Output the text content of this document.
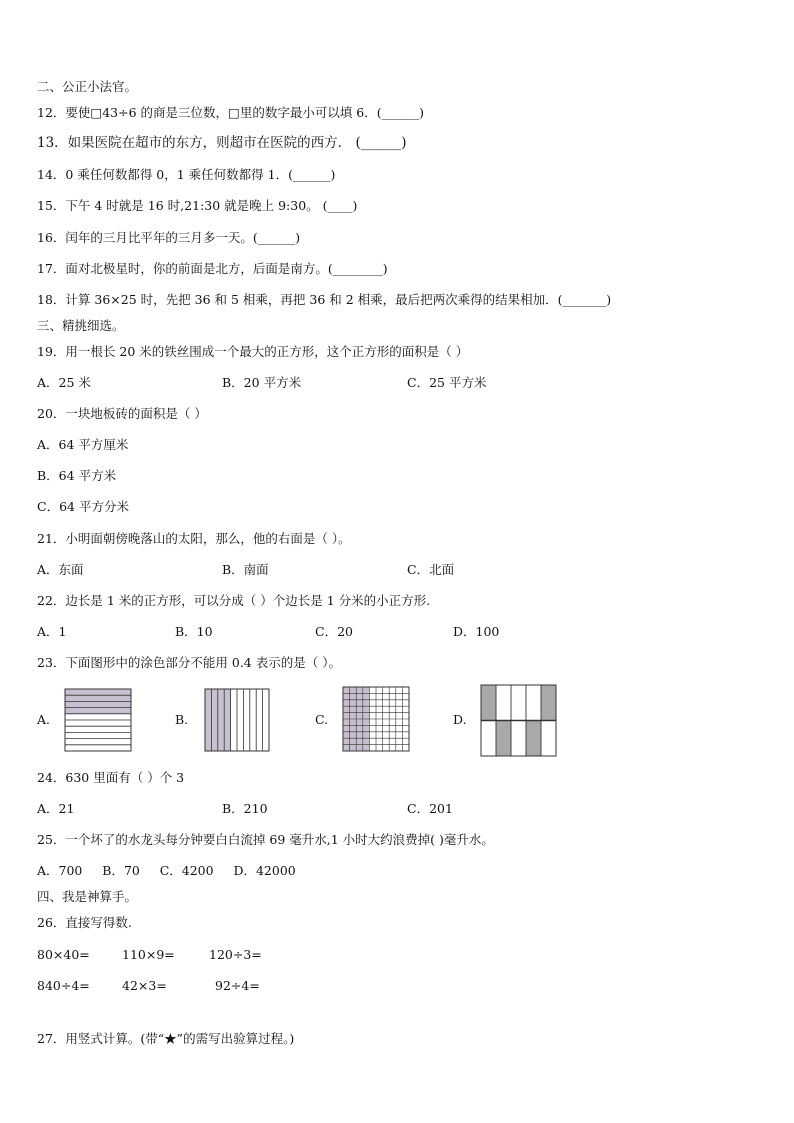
二、公正小法官。
12．要使□43÷6 的商是三位数，□里的数字最小可以填 6．(______)
13．如果医院在超市的东方，则超市在医院的西方． (______)
14．0 乘任何数都得 0，1 乘任何数都得 1．(______)
15．下午 4 时就是 16 时,21:30 就是晚上 9:30。 (____)
16．闰年的三月比平年的三月多一天。(______)
17．面对北极星时，你的前面是北方，后面是南方。(________)
18．计算 36×25 时，先把 36 和 5 相乘，再把 36 和 2 相乘，最后把两次乘得的结果相加．(_______)
三、精挑细选。
19．用一根长 20 米的铁丝围成一个最大的正方形，这个正方形的面积是（ ）
A．25 米	B．20 平方米	C．25 平方米
20．一块地板砖的面积是（ ）
A．64 平方厘米
B．64 平方米
C．64 平方分米
21．小明面朝傍晚落山的太阳，那么，他的右面是（ ）。
A．东面	B．南面	C．北面
22．边长是 1 米的正方形，可以分成（ ）个边长是 1 分米的小正方形.
A．1	B．10	C．20	D．100
23．下面图形中的涂色部分不能用 0.4 表示的是（ ）。
A.	B.	C.	D.
24．630 里面有（ ）个 3
A．21	B．210	C．201
25．一个坏了的水龙头每分钟要白白流掉 69 毫升水,1 小时大约浪费掉( )毫升水。
A．700     B．70     C．4200     D．42000
四、我是神算手。
26．直接写得数.
80×40=	110×9=	120÷3=
840÷4=	42×3=	92÷4=
27．用竖式计算。(带“★”的需写出验算过程。)
